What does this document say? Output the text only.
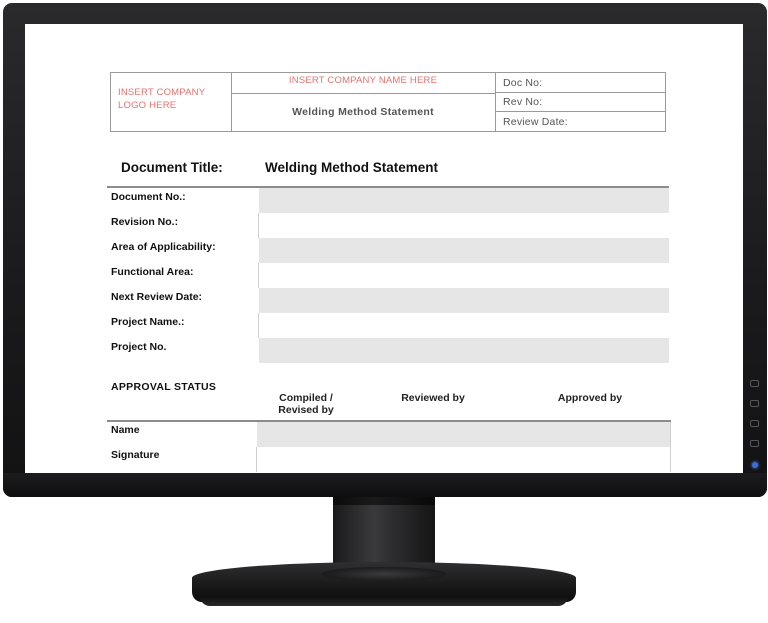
INSERT COMPANY LOGO HERE
INSERT COMPANY NAME HERE
Welding Method Statement
Doc No:
Rev No:
Review Date:
Document Title:	Welding Method Statement
Document No.:
Revision No.:
Area of Applicability:
Functional Area:
Next Review Date:
Project Name.:
Project No.
APPROVAL STATUS
Compiled / Revised by
Reviewed by	Approved by
Name
Signature
